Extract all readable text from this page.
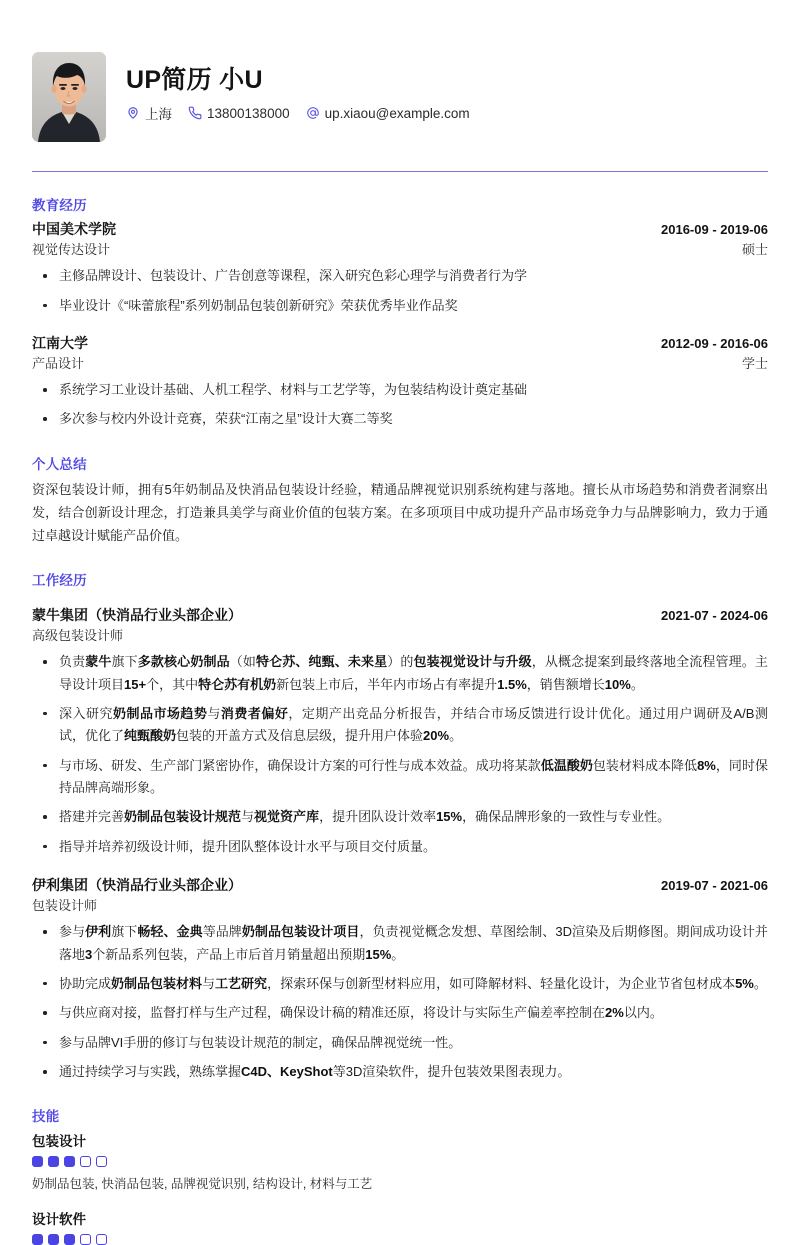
UP简历 小U
上海	13800138000	up.xiaou@example.com
教育经历
中国美术学院	2016-09 - 2019-06
视觉传达设计	硕士
主修品牌设计、包装设计、广告创意等课程，深入研究色彩心理学与消费者行为学
毕业设计《“味蕾旅程”系列奶制品包装创新研究》荣获优秀毕业作品奖
江南大学	2012-09 - 2016-06
产品设计	学士
系统学习工业设计基础、人机工程学、材料与工艺学等，为包装结构设计奠定基础
多次参与校内外设计竞赛，荣获“江南之星”设计大赛二等奖
个人总结

资深包装设计师，拥有5年奶制品及快消品包装设计经验，精通品牌视觉识别系统构建与落地。擅长从市场趋势和消费者洞察出发，结合创新设计理念，打造兼具美学与商业价值的包装方案。在多项项目中成功提升产品市场竞争力与品牌影响力，致力于通过卓越设计赋能产品价值。

工作经历
蒙牛集团（快消品行业头部企业）	2021-07 - 2024-06
高级包装设计师
负责蒙牛旗下多款核心奶制品（如特仑苏、纯甄、未来星）的包装视觉设计与升级，从概念提案到最终落地全流程管理。主导设计项目15+个，其中特仑苏有机奶新包装上市后，半年内市场占有率提升1.5%，销售额增长10%。
深入研究奶制品市场趋势与消费者偏好，定期产出竞品分析报告，并结合市场反馈进行设计优化。通过用户调研及A/B测试，优化了纯甄酸奶包装的开盖方式及信息层级，提升用户体验20%。
与市场、研发、生产部门紧密协作，确保设计方案的可行性与成本效益。成功将某款低温酸奶包装材料成本降低8%，同时保持品牌高端形象。
搭建并完善奶制品包装设计规范与视觉资产库，提升团队设计效率15%，确保品牌形象的一致性与专业性。
指导并培养初级设计师，提升团队整体设计水平与项目交付质量。
伊利集团（快消品行业头部企业）	2019-07 - 2021-06
包装设计师
参与伊利旗下畅轻、金典等品牌奶制品包装设计项目，负责视觉概念发想、草图绘制、3D渲染及后期修图。期间成功设计并落地3个新品系列包装，产品上市后首月销量超出预期15%。
协助完成奶制品包装材料与工艺研究，探索环保与创新型材料应用，如可降解材料、轻量化设计，为企业节省包材成本5%。
与供应商对接，监督打样与生产过程，确保设计稿的精准还原，将设计与实际生产偏差率控制在2%以内。
参与品牌VI手册的修订与包装设计规范的制定，确保品牌视觉统一性。
通过持续学习与实践，熟练掌握C4D、KeyShot等3D渲染软件，提升包装效果图表现力。
技能
包装设计
奶制品包装, 快消品包装, 品牌视觉识别, 结构设计, 材料与工艺
设计软件
